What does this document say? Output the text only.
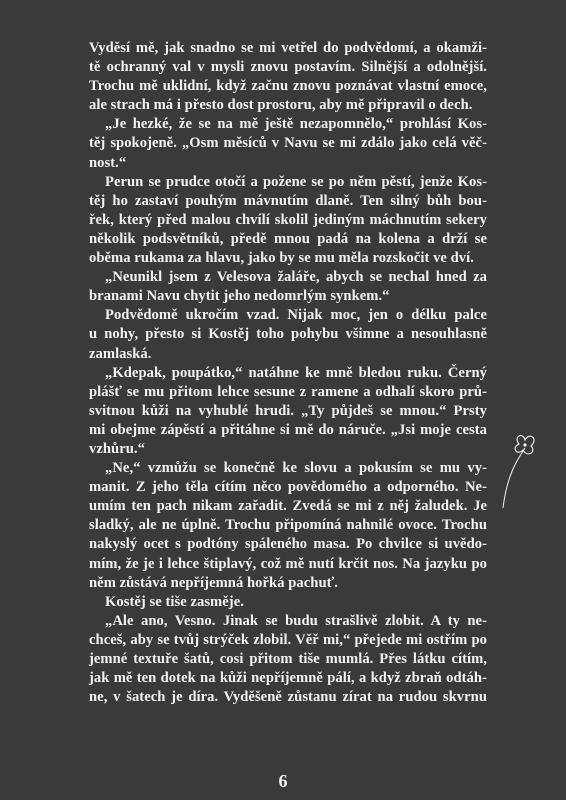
Vyděsí mě, jak snadno se mi vetřel do podvědomí, a okamži-
tě ochranný val v mysli znovu postavím. Silnější a odolnější.
Trochu mě uklidní, když začnu znovu poznávat vlastní emoce,
ale strach má i přesto dost prostoru, aby mě připravil o dech.
„Je hezké, že se na mě ještě nezapomnělo,“ prohlásí Kos-
těj spokojeně. „Osm měsíců v Navu se mi zdálo jako celá věč-
nost.“
Perun se prudce otočí a požene se po něm pěstí, jenže Kos-
těj ho zastaví pouhým mávnutím dlaně. Ten silný bůh bou-
řek, který před malou chvílí skolil jediným máchnutím sekery
několik podsvětníků, předě mnou padá na kolena a drží se
oběma rukama za hlavu, jako by se mu měla rozskočit ve dví.
„Neunikl jsem z Velesova žaláře, abych se nechal hned za
branami Navu chytit jeho nedomrlým synkem.“
Podvědomě ukročím vzad. Nijak moc, jen o délku palce
u nohy, přesto si Kostěj toho pohybu všimne a nesouhlasně
zamlaská.
„Kdepak, poupátko,“ natáhne ke mně bledou ruku. Černý
plášť se mu přitom lehce sesune z ramene a odhalí skoro prů-
svitnou kůži na vyhublé hrudi. „Ty půjdeš se mnou.“ Prsty
mi obejme zápěstí a přitáhne si mě do náruče. „Jsi moje cesta
vzhůru.“
„Ne,“ vzmůžu se konečně ke slovu a pokusím se mu vy-
manit. Z jeho těla cítím něco povědomého a odporného. Ne-
umím ten pach nikam zařadit. Zvedá se mi z něj žaludek. Je
sladký, ale ne úplně. Trochu připomíná nahnilé ovoce. Trochu
nakyslý ocet s podtóny spáleného masa. Po chvilce si uvědo-
mím, že je i lehce štiplavý, což mě nutí krčit nos. Na jazyku po
něm zůstává nepříjemná hořká pachuť.
Kostěj se tiše zasměje.
„Ale ano, Vesno. Jinak se budu strašlivě zlobit. A ty ne-
chceš, aby se tvůj strýček zlobil. Věř mi,“ přejede mi ostřím po
jemné textuře šatů, cosi přitom tiše mumlá. Přes látku cítím,
jak mě ten dotek na kůži nepříjemně pálí, a když zbraň odtáh-
ne, v šatech je díra. Vyděšeně zůstanu zírat na rudou skvrnu
6
